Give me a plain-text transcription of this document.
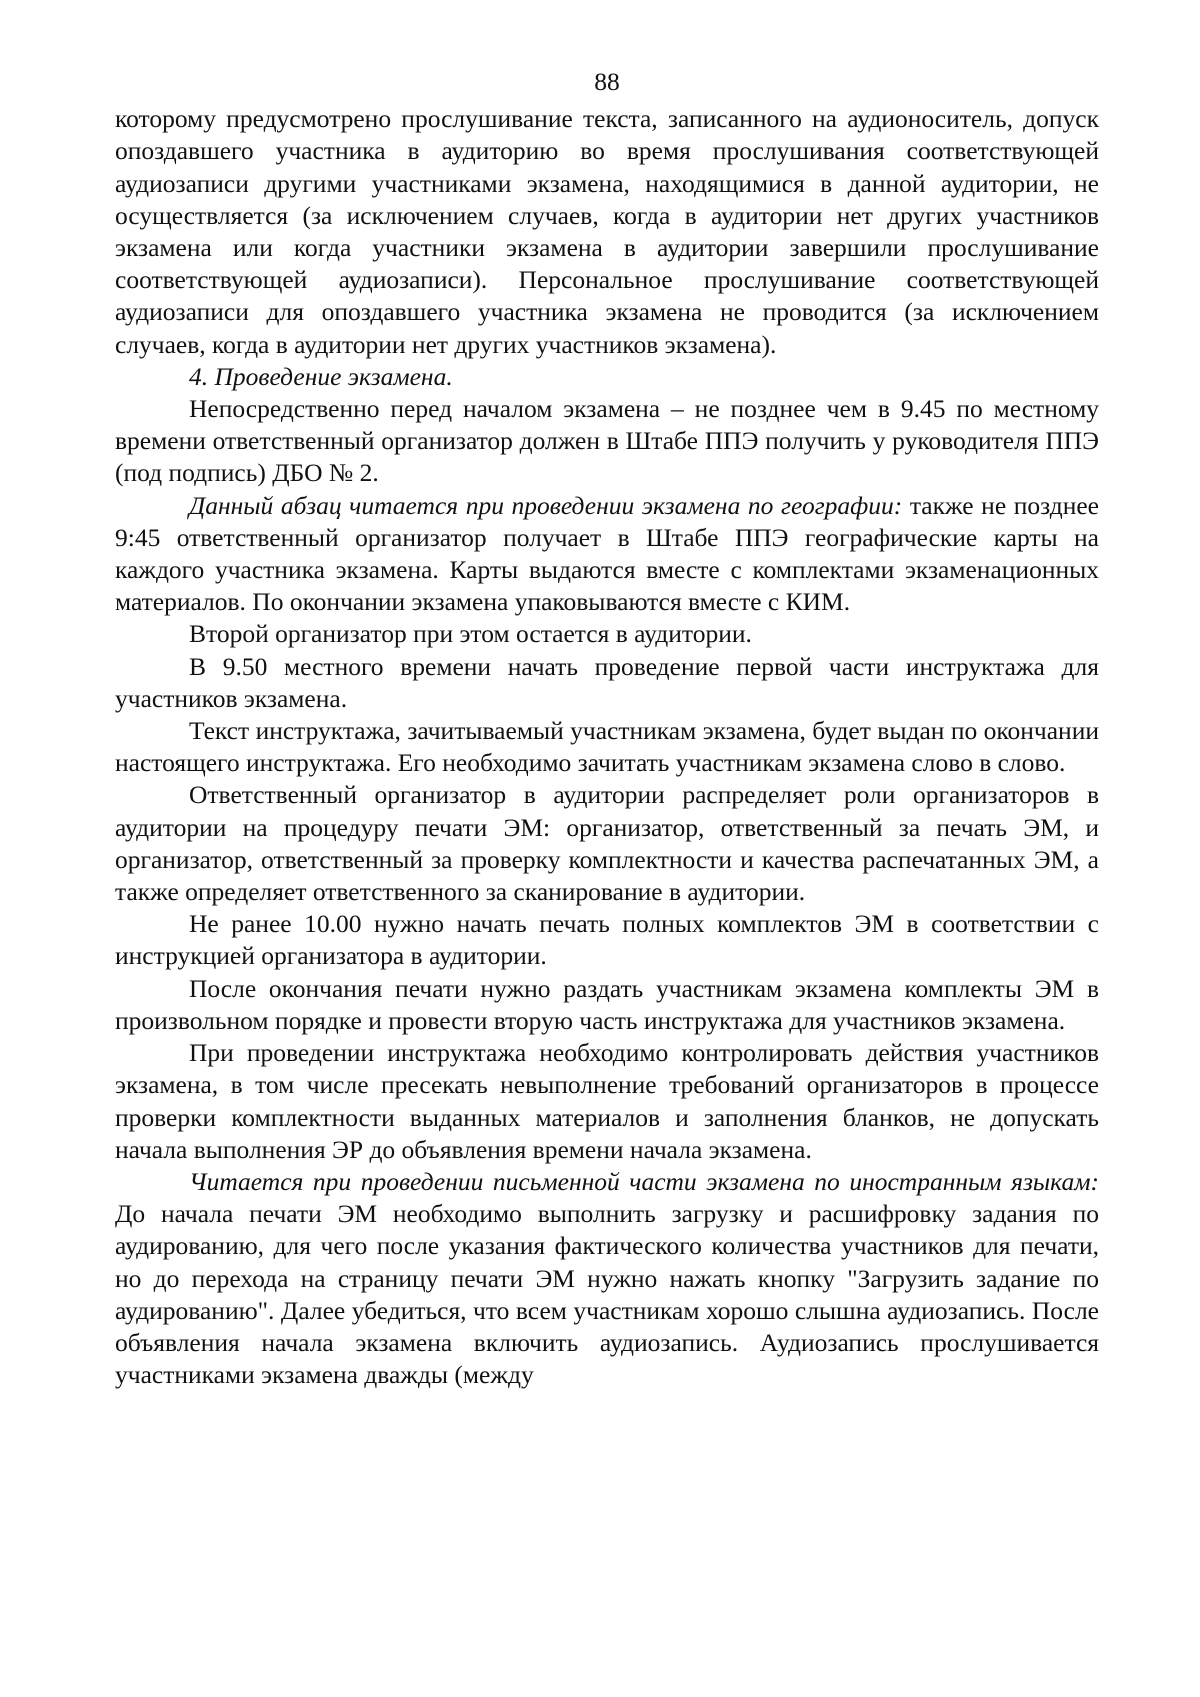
88

которому предусмотрено прослушивание текста, записанного на аудионоситель, допуск опоздавшего участника в аудиторию во время прослушивания соответствующей аудиозаписи другими участниками экзамена, находящимися в данной аудитории, не осуществляется (за исключением случаев, когда в аудитории нет других участников экзамена или когда участники экзамена в аудитории завершили прослушивание соответствующей аудиозаписи). Персональное прослушивание соответствующей аудиозаписи для опоздавшего участника экзамена не проводится (за исключением случаев, когда в аудитории нет других участников экзамена).

4. Проведение экзамена.

Непосредственно перед началом экзамена – не позднее чем в 9.45 по местному времени ответственный организатор должен в Штабе ППЭ получить у руководителя ППЭ (под подпись) ДБО № 2.

Данный абзац читается при проведении экзамена по географии: также не позднее 9:45 ответственный организатор получает в Штабе ППЭ географические карты на каждого участника экзамена. Карты выдаются вместе с комплектами экзаменационных материалов. По окончании экзамена упаковываются вместе с КИМ.

Второй организатор при этом остается в аудитории.

В 9.50 местного времени начать проведение первой части инструктажа для участников экзамена.

Текст инструктажа, зачитываемый участникам экзамена, будет выдан по окончании настоящего инструктажа. Его необходимо зачитать участникам экзамена слово в слово.

Ответственный организатор в аудитории распределяет роли организаторов в аудитории на процедуру печати ЭМ: организатор, ответственный за печать ЭМ, и организатор, ответственный за проверку комплектности и качества распечатанных ЭМ, а также определяет ответственного за сканирование в аудитории.

Не ранее 10.00 нужно начать печать полных комплектов ЭМ в соответствии с инструкцией организатора в аудитории.

После окончания печати нужно раздать участникам экзамена комплекты ЭМ в произвольном порядке и провести вторую часть инструктажа для участников экзамена.

При проведении инструктажа необходимо контролировать действия участников экзамена, в том числе пресекать невыполнение требований организаторов в процессе проверки комплектности выданных материалов и заполнения бланков, не допускать начала выполнения ЭР до объявления времени начала экзамена.

Читается при проведении письменной части экзамена по иностранным языкам: До начала печати ЭМ необходимо выполнить загрузку и расшифровку задания по аудированию, для чего после указания фактического количества участников для печати, но до перехода на страницу печати ЭМ нужно нажать кнопку "Загрузить задание по аудированию". Далее убедиться, что всем участникам хорошо слышна аудиозапись. После объявления начала экзамена включить аудиозапись. Аудиозапись прослушивается участниками экзамена дважды (между
